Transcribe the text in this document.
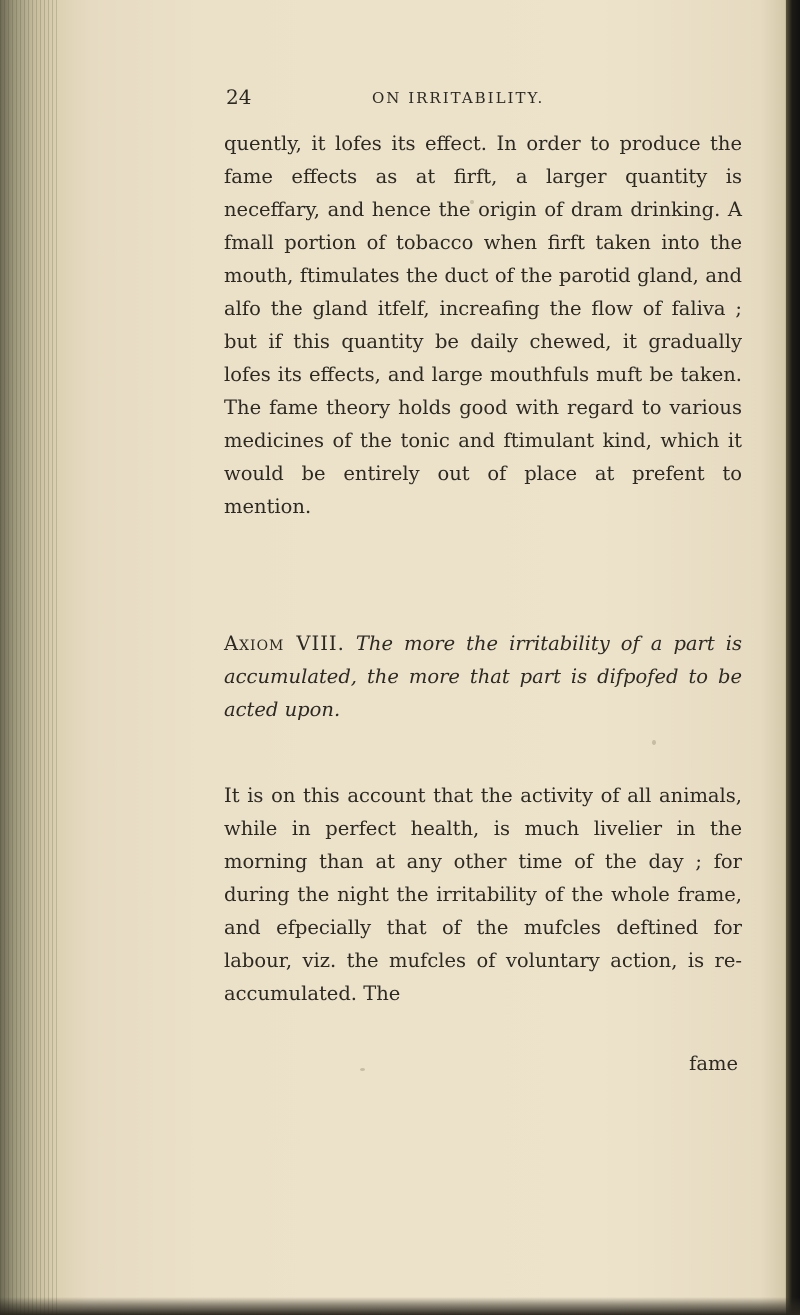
24	ON IRRITABILITY.

quently, it lofes its effect. In order to produce the fame effects as at firft, a larger quantity is neceffary, and hence the origin of dram drinking. A fmall portion of tobacco when firft taken into the mouth, ftimulates the duct of the parotid gland, and alfo the gland itfelf, increafing the flow of faliva ; but if this quantity be daily chewed, it gradually lofes its effects, and large mouthfuls muft be taken. The fame theory holds good with regard to various medicines of the tonic and ftimulant kind, which it would be entirely out of place at prefent to mention.

Axiom VIII. The more the irritability of a part is accumulated, the more that part is difpofed to be acted upon.

It is on this account that the activity of all animals, while in perfect health, is much livelier in the morning than at any other time of the day ; for during the night the irritability of the whole frame, and efpecially that of the mufcles deftined for labour, viz. the mufcles of voluntary action, is re-accumulated. The

fame
